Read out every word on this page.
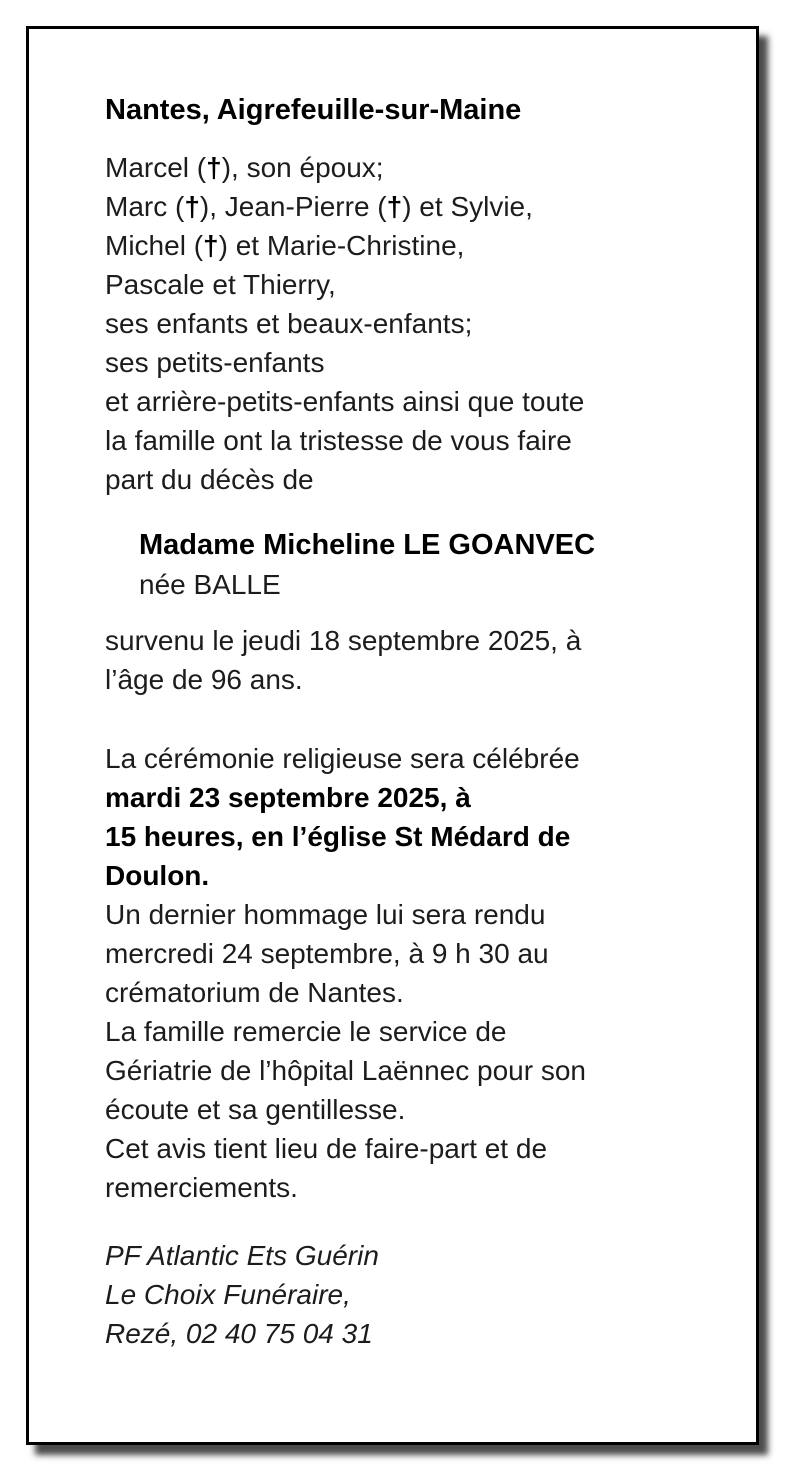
Nantes, Aigrefeuille-sur-Maine
Marcel (†), son époux;
Marc (†), Jean-Pierre (†) et Sylvie,
Michel (†) et Marie-Christine,
Pascale et Thierry,
ses enfants et beaux-enfants;
ses petits-enfants
et arrière-petits-enfants ainsi que toute
la famille ont la tristesse de vous faire
part du décès de
Madame Micheline LE GOANVEC
née BALLE
survenu le jeudi 18 septembre 2025, à
l’âge de 96 ans.
La cérémonie religieuse sera célébrée
mardi 23 septembre 2025, à
15 heures, en l’église St Médard de
Doulon.
Un dernier hommage lui sera rendu
mercredi 24 septembre, à 9 h 30 au
crématorium de Nantes.
La famille remercie le service de
Gériatrie de l’hôpital Laënnec pour son
écoute et sa gentillesse.
Cet avis tient lieu de faire-part et de
remerciements.
PF Atlantic Ets Guérin
Le Choix Funéraire,
Rezé, 02 40 75 04 31
